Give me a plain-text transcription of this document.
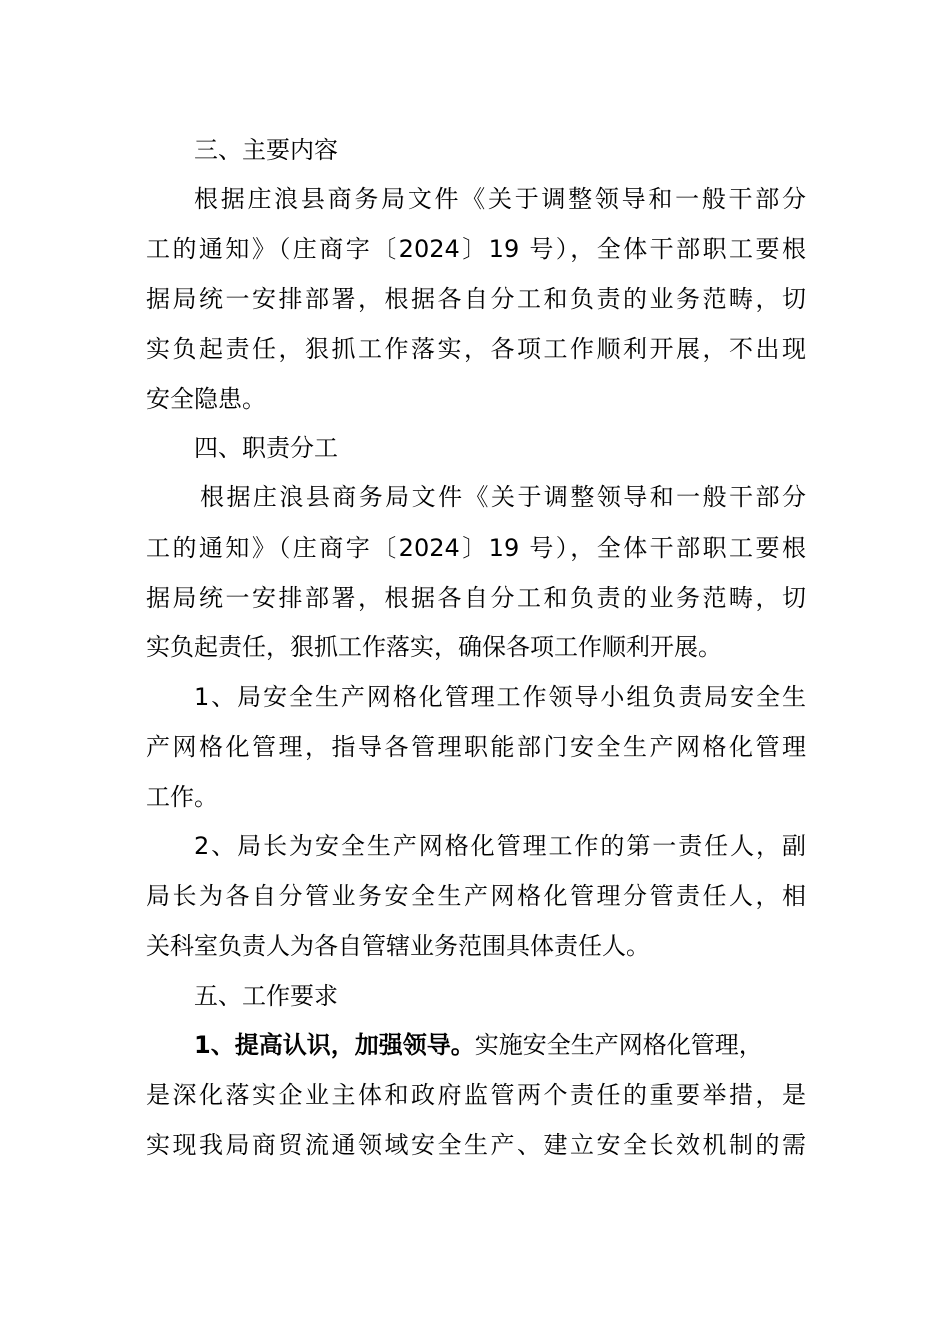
三、主要内容
根据庄浪县商务局文件《关于调整领导和一般干部分
工的通知》（庄商字〔2024〕19 号），全体干部职工要根
据局统一安排部署，根据各自分工和负责的业务范畴，切
实负起责任，狠抓工作落实，各项工作顺利开展，不出现
安全隐患。
四、职责分工
根据庄浪县商务局文件《关于调整领导和一般干部分
工的通知》（庄商字〔2024〕19 号），全体干部职工要根
据局统一安排部署，根据各自分工和负责的业务范畴，切
实负起责任，狠抓工作落实，确保各项工作顺利开展。
1、局安全生产网格化管理工作领导小组负责局安全生
产网格化管理，指导各管理职能部门安全生产网格化管理
工作。
2、局长为安全生产网格化管理工作的第一责任人，副
局长为各自分管业务安全生产网格化管理分管责任人，相
关科室负责人为各自管辖业务范围具体责任人。
五、工作要求
1、提高认识，加强领导。实施安全生产网格化管理，
是深化落实企业主体和政府监管两个责任的重要举措，是
实现我局商贸流通领域安全生产、建立安全长效机制的需
